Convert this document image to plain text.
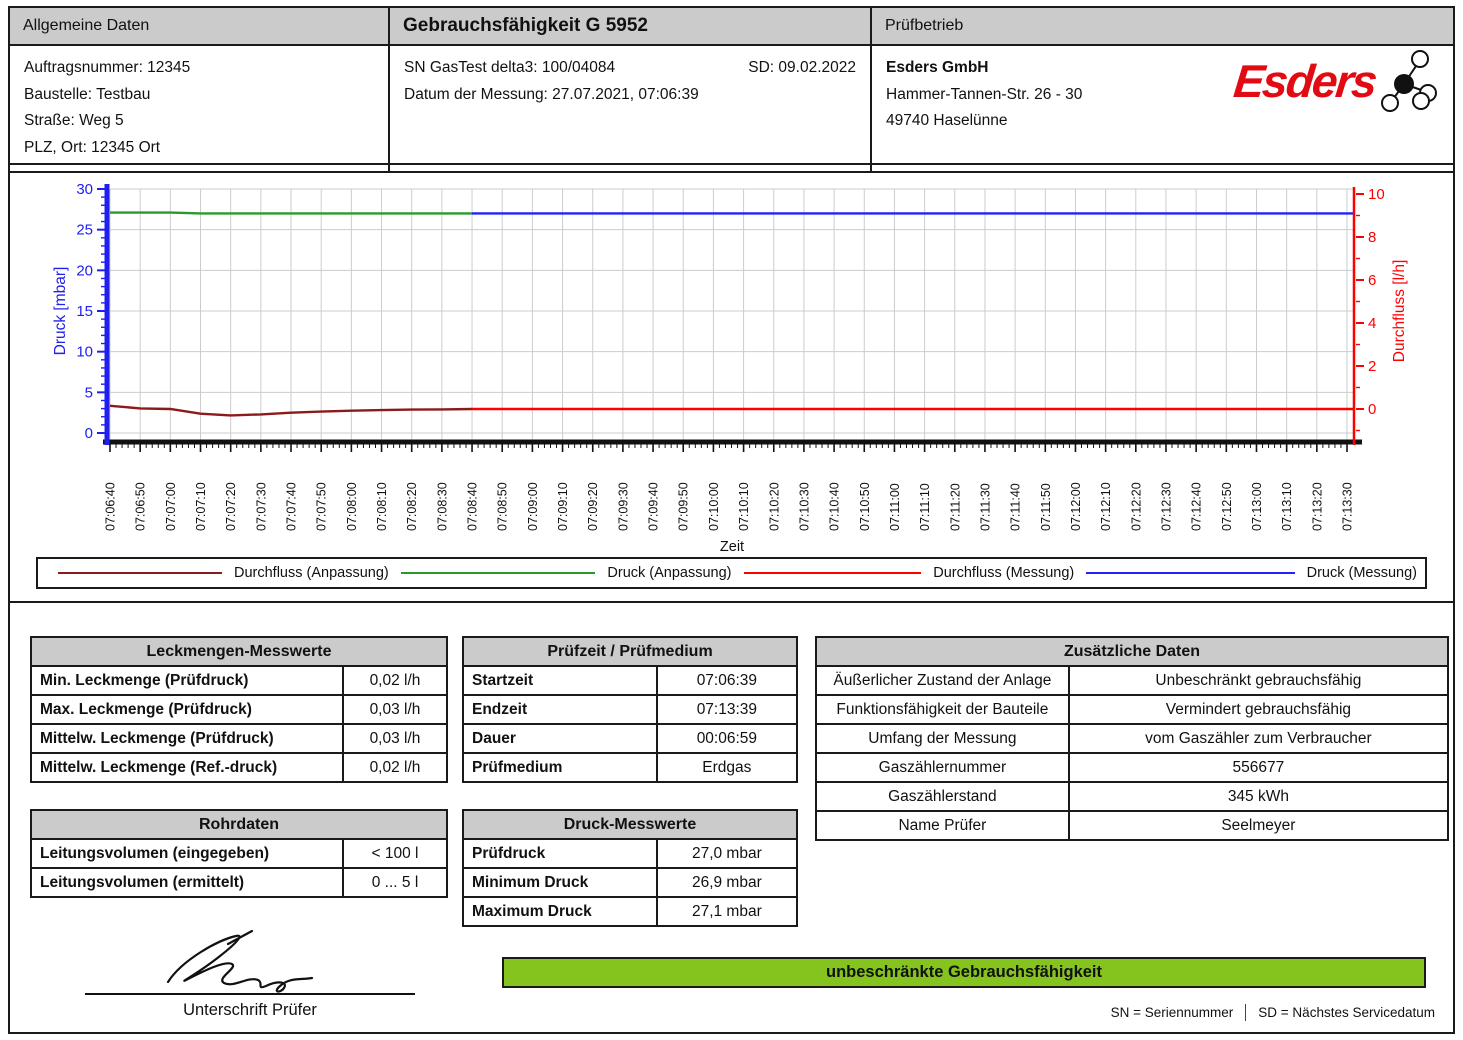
Allgemeine Daten
Auftragsnummer: 12345
Baustelle: Testbau
Straße: Weg 5
PLZ, Ort: 12345 Ort
Gebrauchsfähigkeit G 5952
SN GasTest delta3: 100/04084	SD: 09.02.2022
Datum der Messung: 27.07.2021, 07:06:39
Prüfbetrieb
Esders GmbH
Hammer-Tannen-Str. 26 - 30
49740 Haselünne
Esders
0
5
10
15
20
25
30
0
2
4
6
8
10
07:06:40 07:06:50 07:07:00 07:07:10 07:07:20 07:07:30 07:07:40 07:07:50 07:08:00 07:08:10 07:08:20 07:08:30 07:08:40 07:08:50 07:09:00 07:09:10 07:09:20 07:09:30 07:09:40 07:09:50 07:10:00 07:10:10 07:10:20 07:10:30 07:10:40 07:10:50 07:11:00 07:11:10 07:11:20 07:11:30 07:11:40 07:11:50 07:12:00 07:12:10 07:12:20 07:12:30 07:12:40 07:12:50 07:13:00 07:13:10 07:13:20 07:13:30
Druck [mbar]	Durchfluss [l/h]
Zeit
Durchfluss (Anpassung)	Druck (Anpassung)	Durchfluss (Messung)	Druck (Messung)
Leckmengen-Messwerte	
Min. Leckmenge (Prüfdruck)	0,02 l/h
Max. Leckmenge (Prüfdruck)	0,03 l/h
Mittelw. Leckmenge (Prüfdruck)	0,03 l/h
Mittelw. Leckmenge (Ref.-druck)	0,02 l/h
Prüfzeit / Prüfmedium	
Startzeit	07:06:39
Endzeit	07:13:39
Dauer	00:06:59
Prüfmedium	Erdgas
Zusätzliche Daten	
Äußerlicher Zustand der Anlage	Unbeschränkt gebrauchsfähig
Funktionsfähigkeit der Bauteile	Vermindert gebrauchsfähig
Umfang der Messung	vom Gaszähler zum Verbraucher
Gaszählernummer	556677
Gaszählerstand	345 kWh
Name Prüfer	Seelmeyer
Rohrdaten	
Leitungsvolumen (eingegeben)	< 100 l
Leitungsvolumen (ermittelt)	0 ... 5 l
Druck-Messwerte	
Prüfdruck	27,0 mbar
Minimum Druck	26,9 mbar
Maximum Druck	27,1 mbar
Unterschrift Prüfer
unbeschränkte Gebrauchsfähigkeit
SN = Seriennummer SD = Nächstes Servicedatum
